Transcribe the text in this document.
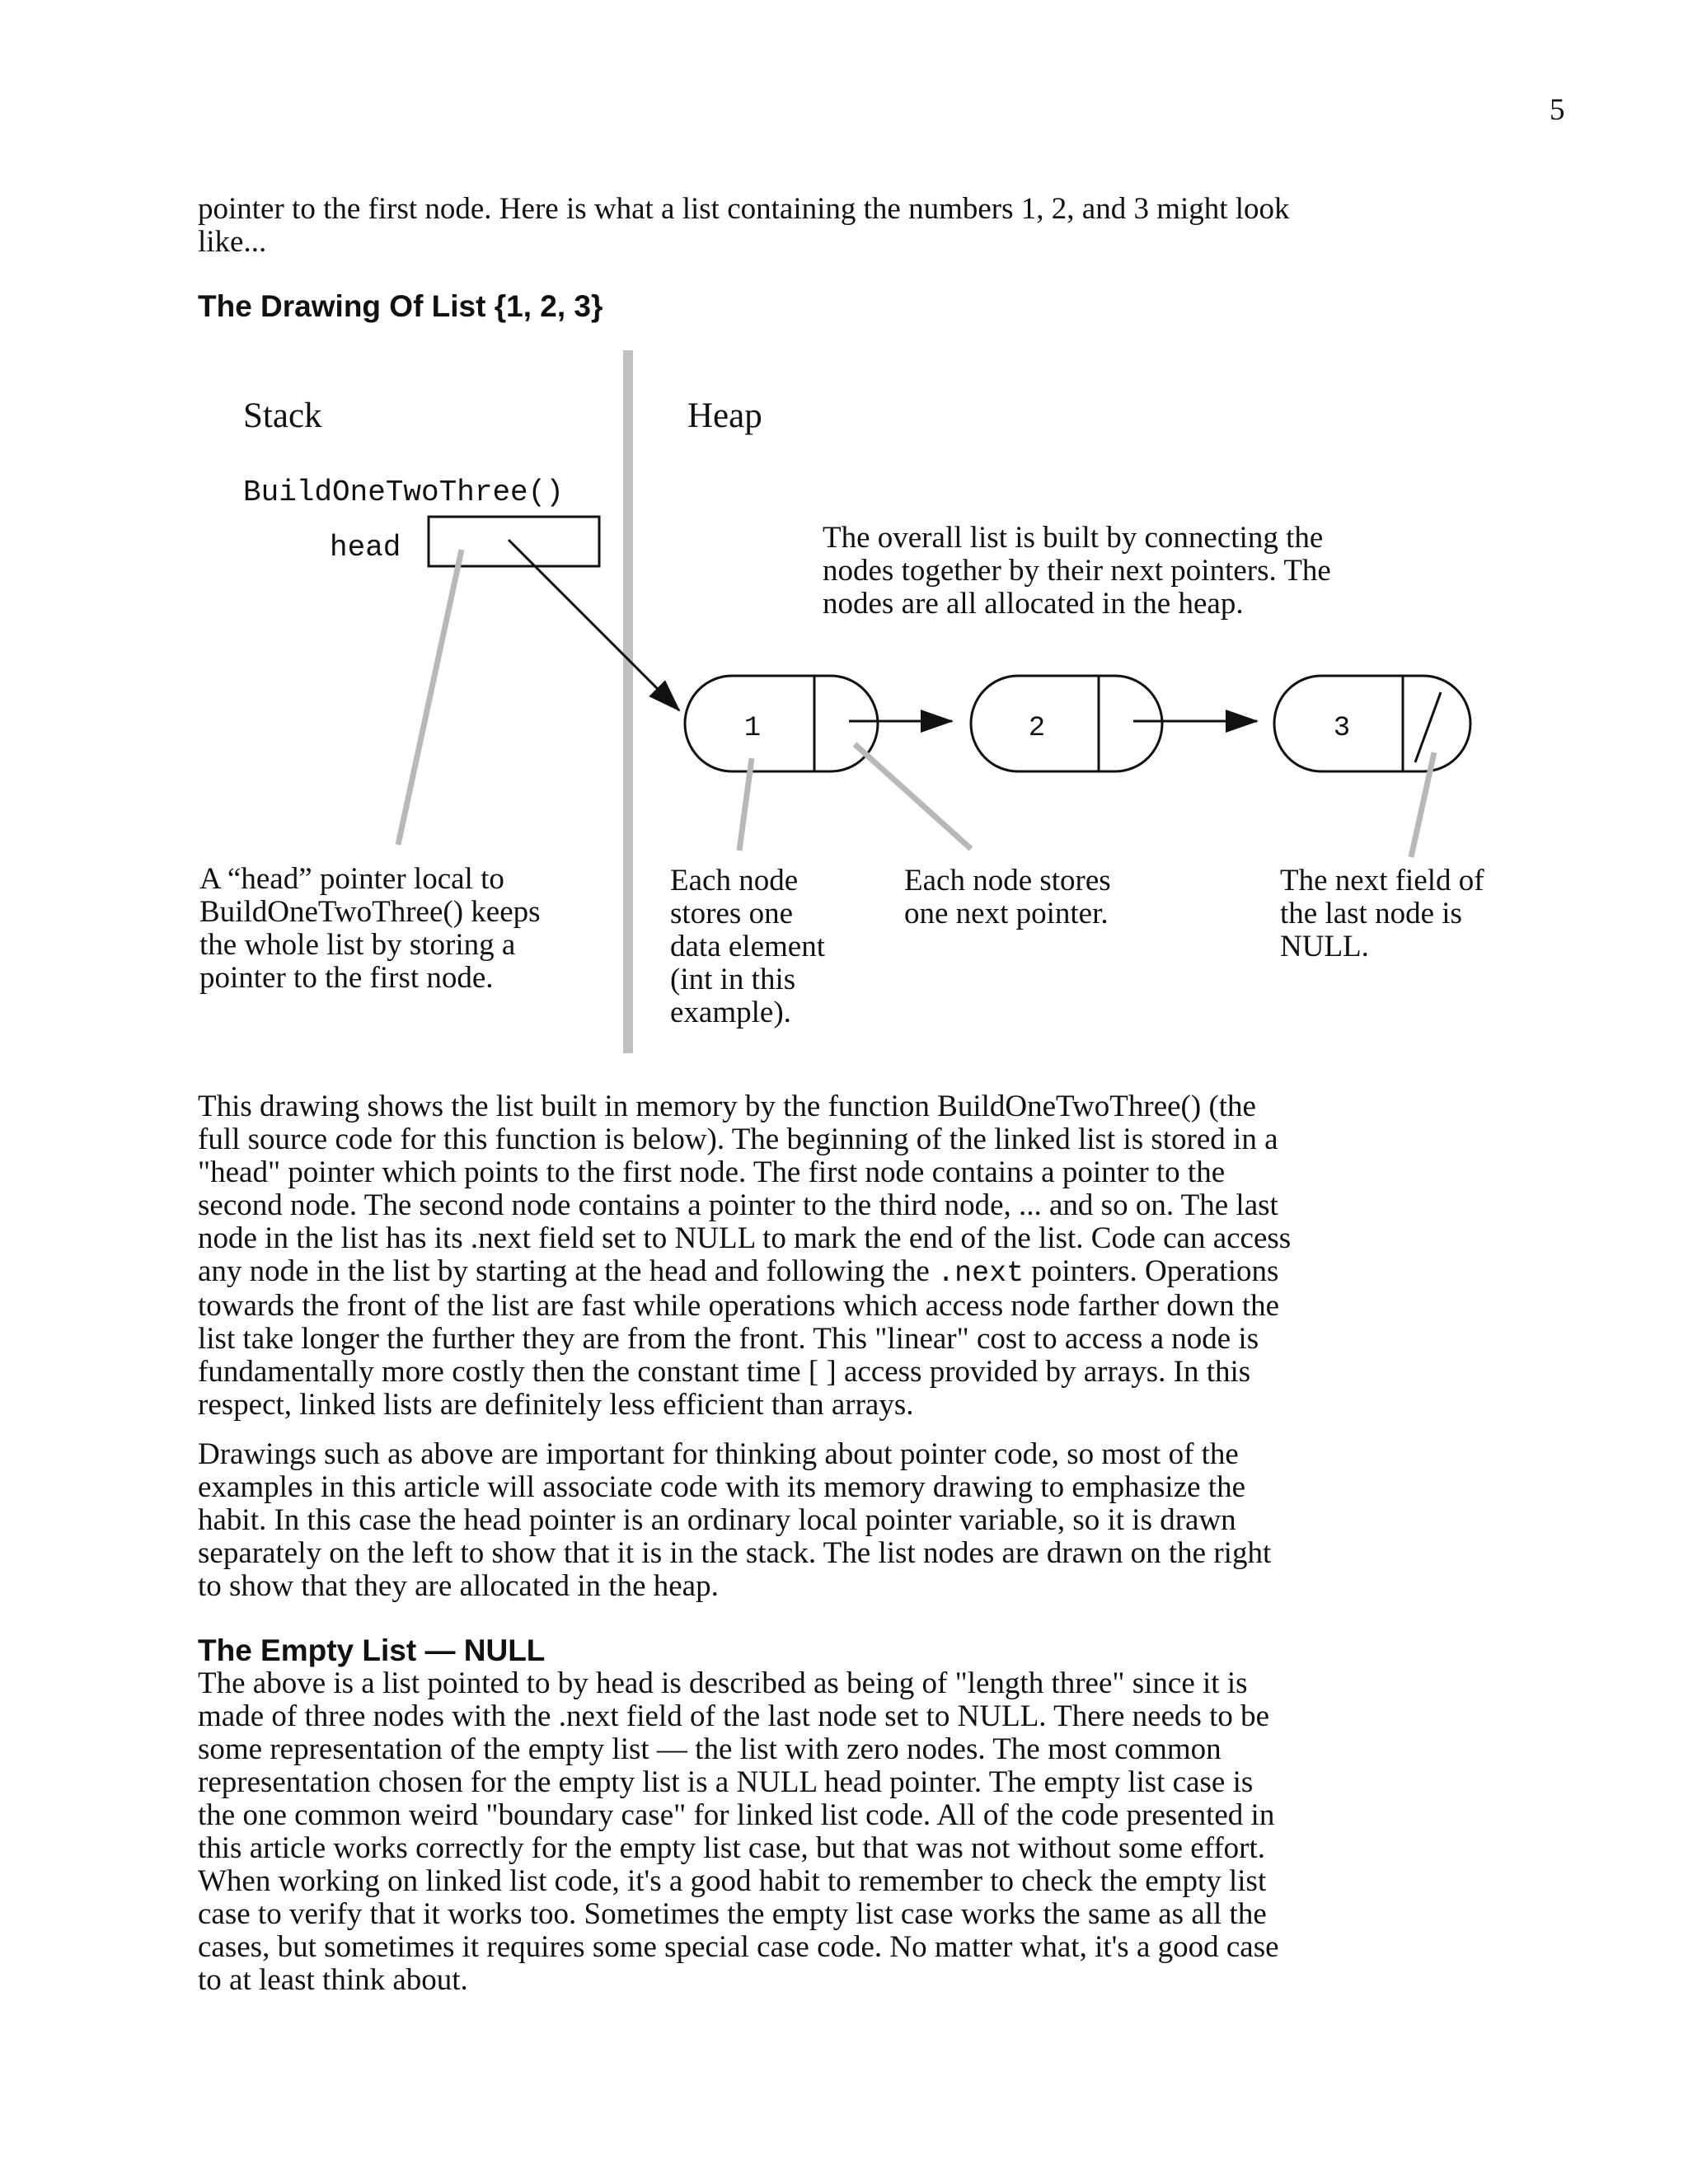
5

pointer to the first node. Here is what a list containing the numbers 1, 2, and 3 might look
like...

The Drawing Of List {1, 2, 3}
Stack	Heap
BuildOneTwoThree()
head	The overall list is built by connecting the nodes together by their next pointers. The nodes are all allocated in the heap.
1	2	3
A “head” pointer local to BuildOneTwoThree() keeps the whole list by storing a pointer to the first node.
Each node stores one data element (int in this example).
Each node stores one next pointer.
The next field of the last node is NULL.

This drawing shows the list built in memory by the function BuildOneTwoThree() (the
full source code for this function is below). The beginning of the linked list is stored in a
"head" pointer which points to the first node. The first node contains a pointer to the
second node. The second node contains a pointer to the third node, ... and so on. The last
node in the list has its .next field set to NULL to mark the end of the list. Code can access
any node in the list by starting at the head and following the .next pointers. Operations
towards the front of the list are fast while operations which access node farther down the
list take longer the further they are from the front. This "linear" cost to access a node is
fundamentally more costly then the constant time [ ] access provided by arrays. In this
respect, linked lists are definitely less efficient than arrays.

Drawings such as above are important for thinking about pointer code, so most of the
examples in this article will associate code with its memory drawing to emphasize the
habit. In this case the head pointer is an ordinary local pointer variable, so it is drawn
separately on the left to show that it is in the stack. The list nodes are drawn on the right
to show that they are allocated in the heap.

The Empty List — NULL

The above is a list pointed to by head is described as being of "length three" since it is
made of three nodes with the .next field of the last node set to NULL. There needs to be
some representation of the empty list — the list with zero nodes. The most common
representation chosen for the empty list is a NULL head pointer. The empty list case is
the one common weird "boundary case" for linked list code. All of the code presented in
this article works correctly for the empty list case, but that was not without some effort.
When working on linked list code, it's a good habit to remember to check the empty list
case to verify that it works too. Sometimes the empty list case works the same as all the
cases, but sometimes it requires some special case code. No matter what, it's a good case
to at least think about.
